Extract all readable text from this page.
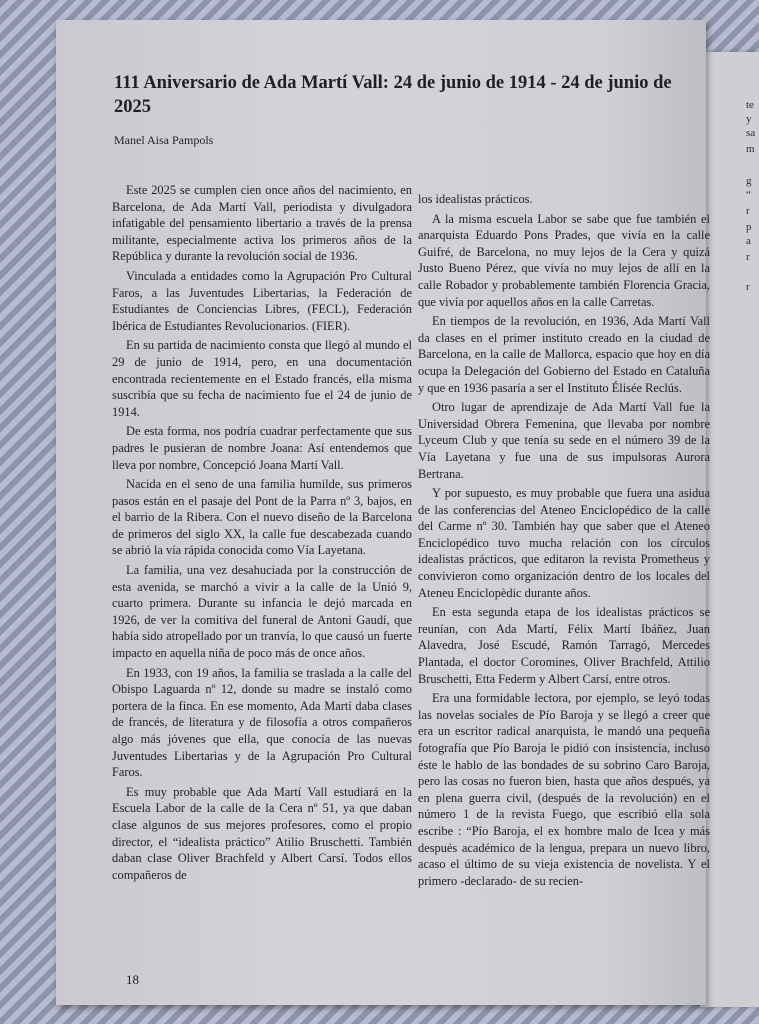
te
y
sa
m
g
“
r
p
a
r
r
111 Aniversario de Ada Martí Vall: 24 de junio de 1914 - 24 de junio de 2025

Manel Aisa Pampols

Este 2025 se cumplen cien once años del nacimiento, en Barcelona, de Ada Martí Vall, periodista y divulgadora infatigable del pensamiento libertario a través de la prensa militante, especialmente activa los primeros años de la República y durante la revolución social de 1936.

Vinculada a entidades como la Agrupación Pro Cultural Faros, a las Juventudes Libertarias, la Federación de Estudiantes de Conciencias Libres, (FECL), Federación Ibérica de Estudiantes Revolucionarios. (FIER).

En su partida de nacimiento consta que llegó al mundo el 29 de junio de 1914, pero, en una documentación encontrada recientemente en el Estado francés, ella misma suscribía que su fecha de nacimiento fue el 24 de junio de 1914.

De esta forma, nos podría cuadrar perfectamente que sus padres le pusieran de nombre Joana: Así entendemos que lleva por nombre, Concepció Joana Martí Vall.

Nacida en el seno de una familia humilde, sus primeros pasos están en el pasaje del Pont de la Parra nº 3, bajos, en el barrio de la Ribera. Con el nuevo diseño de la Barcelona de primeros del siglo XX, la calle fue descabezada cuando se abrió la vía rápida conocida como Vía Layetana.

La familia, una vez desahuciada por la construcción de esta avenida, se marchó a vivir a la calle de la Unió 9, cuarto primera. Durante su infancia le dejó marcada en 1926, de ver la comitiva del funeral de Antoni Gaudí, que había sido atropellado por un tranvía, lo que causó un fuerte impacto en aquella niña de poco más de once años.

En 1933, con 19 años, la familia se traslada a la calle del Obispo Laguarda nº 12, donde su madre se instaló como portera de la finca. En ese momento, Ada Martí daba clases de francés, de literatura y de filosofía a otros compañeros algo más jóvenes que ella, que conocía de las nuevas Juventudes Libertarias y de la Agrupación Pro Cultural Faros.

Es muy probable que Ada Martí Vall estudiará en la Escuela Labor de la calle de la Cera nº 51, ya que daban clase algunos de sus mejores profesores, como el propio director, el “idealista práctico” Atilio Bruschetti. También daban clase Oliver Brachfeld y Albert Carsí. Todos ellos compañeros de

los idealistas prácticos.

A la misma escuela Labor se sabe que fue también el anarquista Eduardo Pons Prades, que vivía en la calle Guifré, de Barcelona, no muy lejos de la Cera y quizá Justo Bueno Pérez, que vivía no muy lejos de allí en la calle Robador y probablemente también Florencia Gracia, que vivía por aquellos años en la calle Carretas.

En tiempos de la revolución, en 1936, Ada Martí Vall da clases en el primer instituto creado en la ciudad de Barcelona, en la calle de Mallorca, espacio que hoy en día ocupa la Delegación del Gobierno del Estado en Cataluña y que en 1936 pasaría a ser el Instituto Élisée Reclús.

Otro lugar de aprendizaje de Ada Martí Vall fue la Universidad Obrera Femenina, que llevaba por nombre Lyceum Club y que tenía su sede en el número 39 de la Vía Layetana y fue una de sus impulsoras Aurora Bertrana.

Y por supuesto, es muy probable que fuera una asidua de las conferencias del Ateneo Enciclopédico de la calle del Carme nº 30. También hay que saber que el Ateneo Enciclopédico tuvo mucha relación con los círculos idealistas prácticos, que editaron la revista Prometheus y convivieron como organización dentro de los locales del Ateneu Enciclopèdic durante años.

En esta segunda etapa de los idealistas prácticos se reunían, con Ada Martí, Félix Martí Ibáñez, Juan Alavedra, José Escudé, Ramón Tarragó, Mercedes Plantada, el doctor Coromines, Oliver Brachfeld, Attilio Bruschetti, Etta Federm y Albert Carsí, entre otros.

Era una formidable lectora, por ejemplo, se leyó todas las novelas sociales de Pío Baroja y se llegó a creer que era un escritor radical anarquista, le mandó una pequeña fotografía que Pío Baroja le pidió con insistencia, incluso éste le hablo de las bondades de su sobrino Caro Baroja, pero las cosas no fueron bien, hasta que años después, ya en plena guerra civil, (después de la revolución) en el número 1 de la revista Fuego, que escribió ella sola escribe : “Pío Baroja, el ex hombre malo de Icea y más después académico de la lengua, prepara un nuevo libro, acaso el último de su vieja existencia de novelista. Y el primero -declarado- de su recien-

18
